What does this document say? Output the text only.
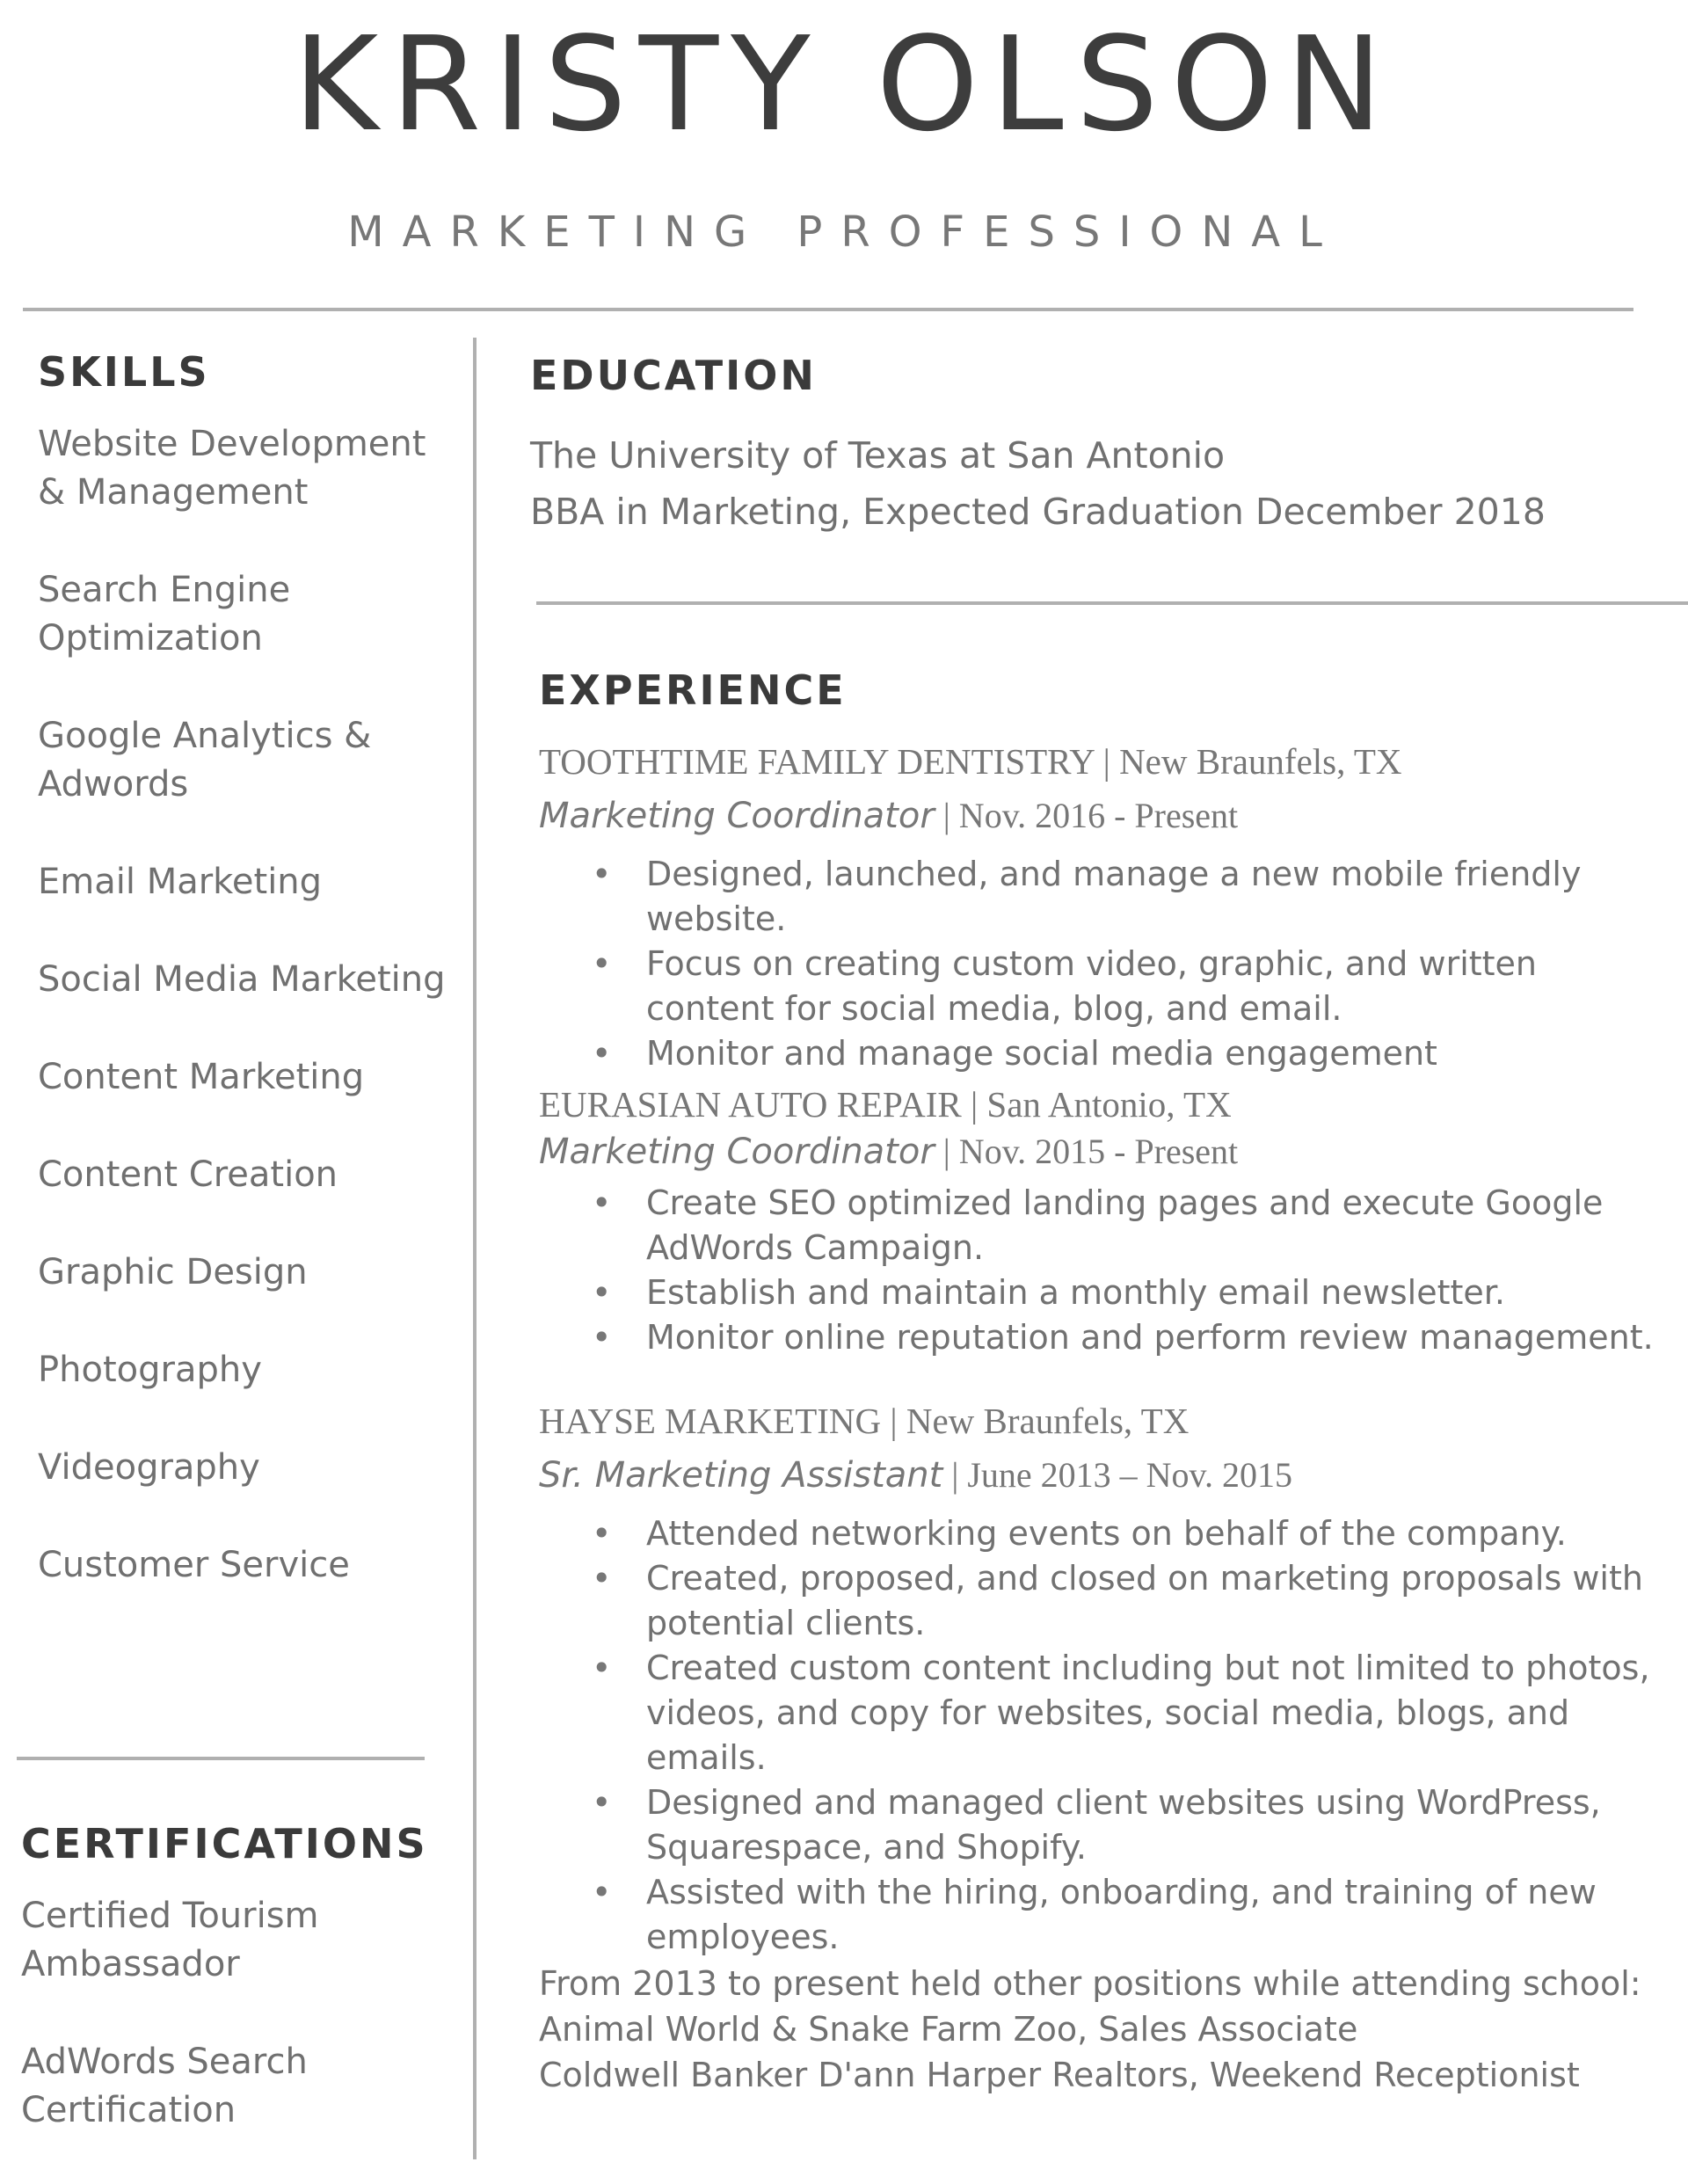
KRISTY OLSON
MARKETING PROFESSIONAL
SKILLS
Website Development & Management
Search Engine Optimization
Google Analytics & Adwords
Email Marketing
Social Media Marketing
Content Marketing
Content Creation
Graphic Design
Photography
Videography
Customer Service
CERTIFICATIONS
Certified Tourism Ambassador
AdWords Search Certification
EDUCATION
The University of Texas at San Antonio
BBA in Marketing, Expected Graduation December 2018
EXPERIENCE
TOOTHTIME FAMILY DENTISTRY | New Braunfels, TX
Marketing Coordinator | Nov. 2016 - Present
• Designed, launched, and manage a new mobile friendly website.
• Focus on creating custom video, graphic, and written content for social media, blog, and email.
• Monitor and manage social media engagement
EURASIAN AUTO REPAIR | San Antonio, TX
Marketing Coordinator | Nov. 2015 - Present
• Create SEO optimized landing pages and execute Google AdWords Campaign.
• Establish and maintain a monthly email newsletter.
• Monitor online reputation and perform review management.
HAYSE MARKETING | New Braunfels, TX
Sr. Marketing Assistant | June 2013 – Nov. 2015
• Attended networking events on behalf of the company.
• Created, proposed, and closed on marketing proposals with potential clients.
• Created custom content including but not limited to photos, videos, and copy for websites, social media, blogs, and emails.
• Designed and managed client websites using WordPress, Squarespace, and Shopify.
• Assisted with the hiring, onboarding, and training of new employees.
From 2013 to present held other positions while attending school:
Animal World & Snake Farm Zoo, Sales Associate
Coldwell Banker D'ann Harper Realtors, Weekend Receptionist
